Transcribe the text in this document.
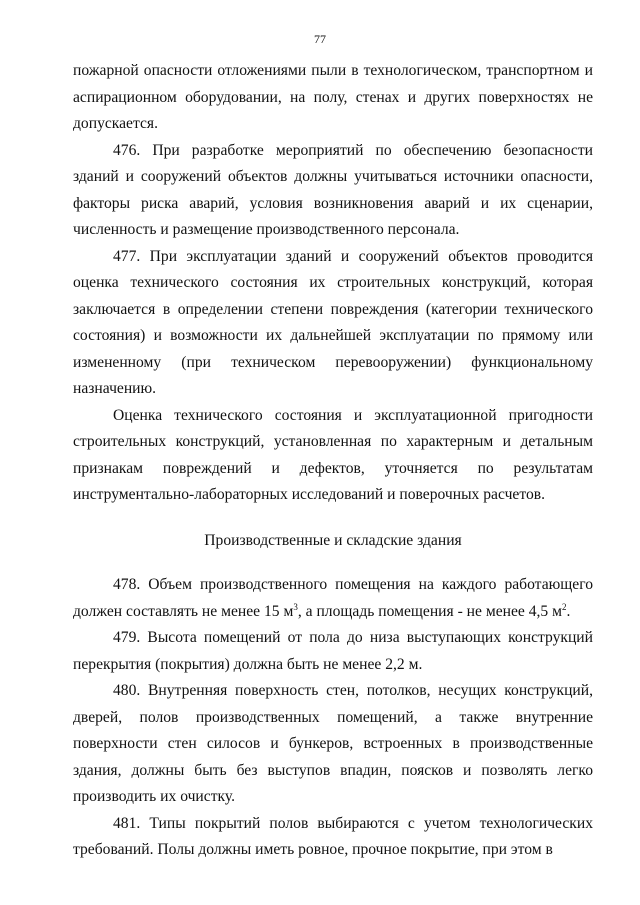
77

пожарной опасности отложениями пыли в технологическом, транспортном и аспирационном оборудовании, на полу, стенах и других поверхностях не допускается.

476. При разработке мероприятий по обеспечению безопасности зданий и сооружений объектов должны учитываться источники опасности, факторы риска аварий, условия возникновения аварий и их сценарии, численность и размещение производственного персонала.

477. При эксплуатации зданий и сооружений объектов проводится оценка технического состояния их строительных конструкций, которая заключается в определении степени повреждения (категории технического состояния) и возможности их дальнейшей эксплуатации по прямому или измененному (при техническом перевооружении) функциональному назначению.

Оценка технического состояния и эксплуатационной пригодности строительных конструкций, установленная по характерным и детальным признакам повреждений и дефектов, уточняется по результатам инструментально-лабораторных исследований и поверочных расчетов.

Производственные и складские здания

478. Объем производственного помещения на каждого работающего должен составлять не менее 15 $м^3$, а площадь помещения - не менее 4,5 $м^2$.

479. Высота помещений от пола до низа выступающих конструкций перекрытия (покрытия) должна быть не менее 2,2 м.

480. Внутренняя поверхность стен, потолков, несущих конструкций, дверей, полов производственных помещений, а также внутренние поверхности стен силосов и бункеров, встроенных в производственные здания, должны быть без выступов впадин, поясков и позволять легко производить их очистку.

481. Типы покрытий полов выбираются с учетом технологических требований. Полы должны иметь ровное, прочное покрытие, при этом в
